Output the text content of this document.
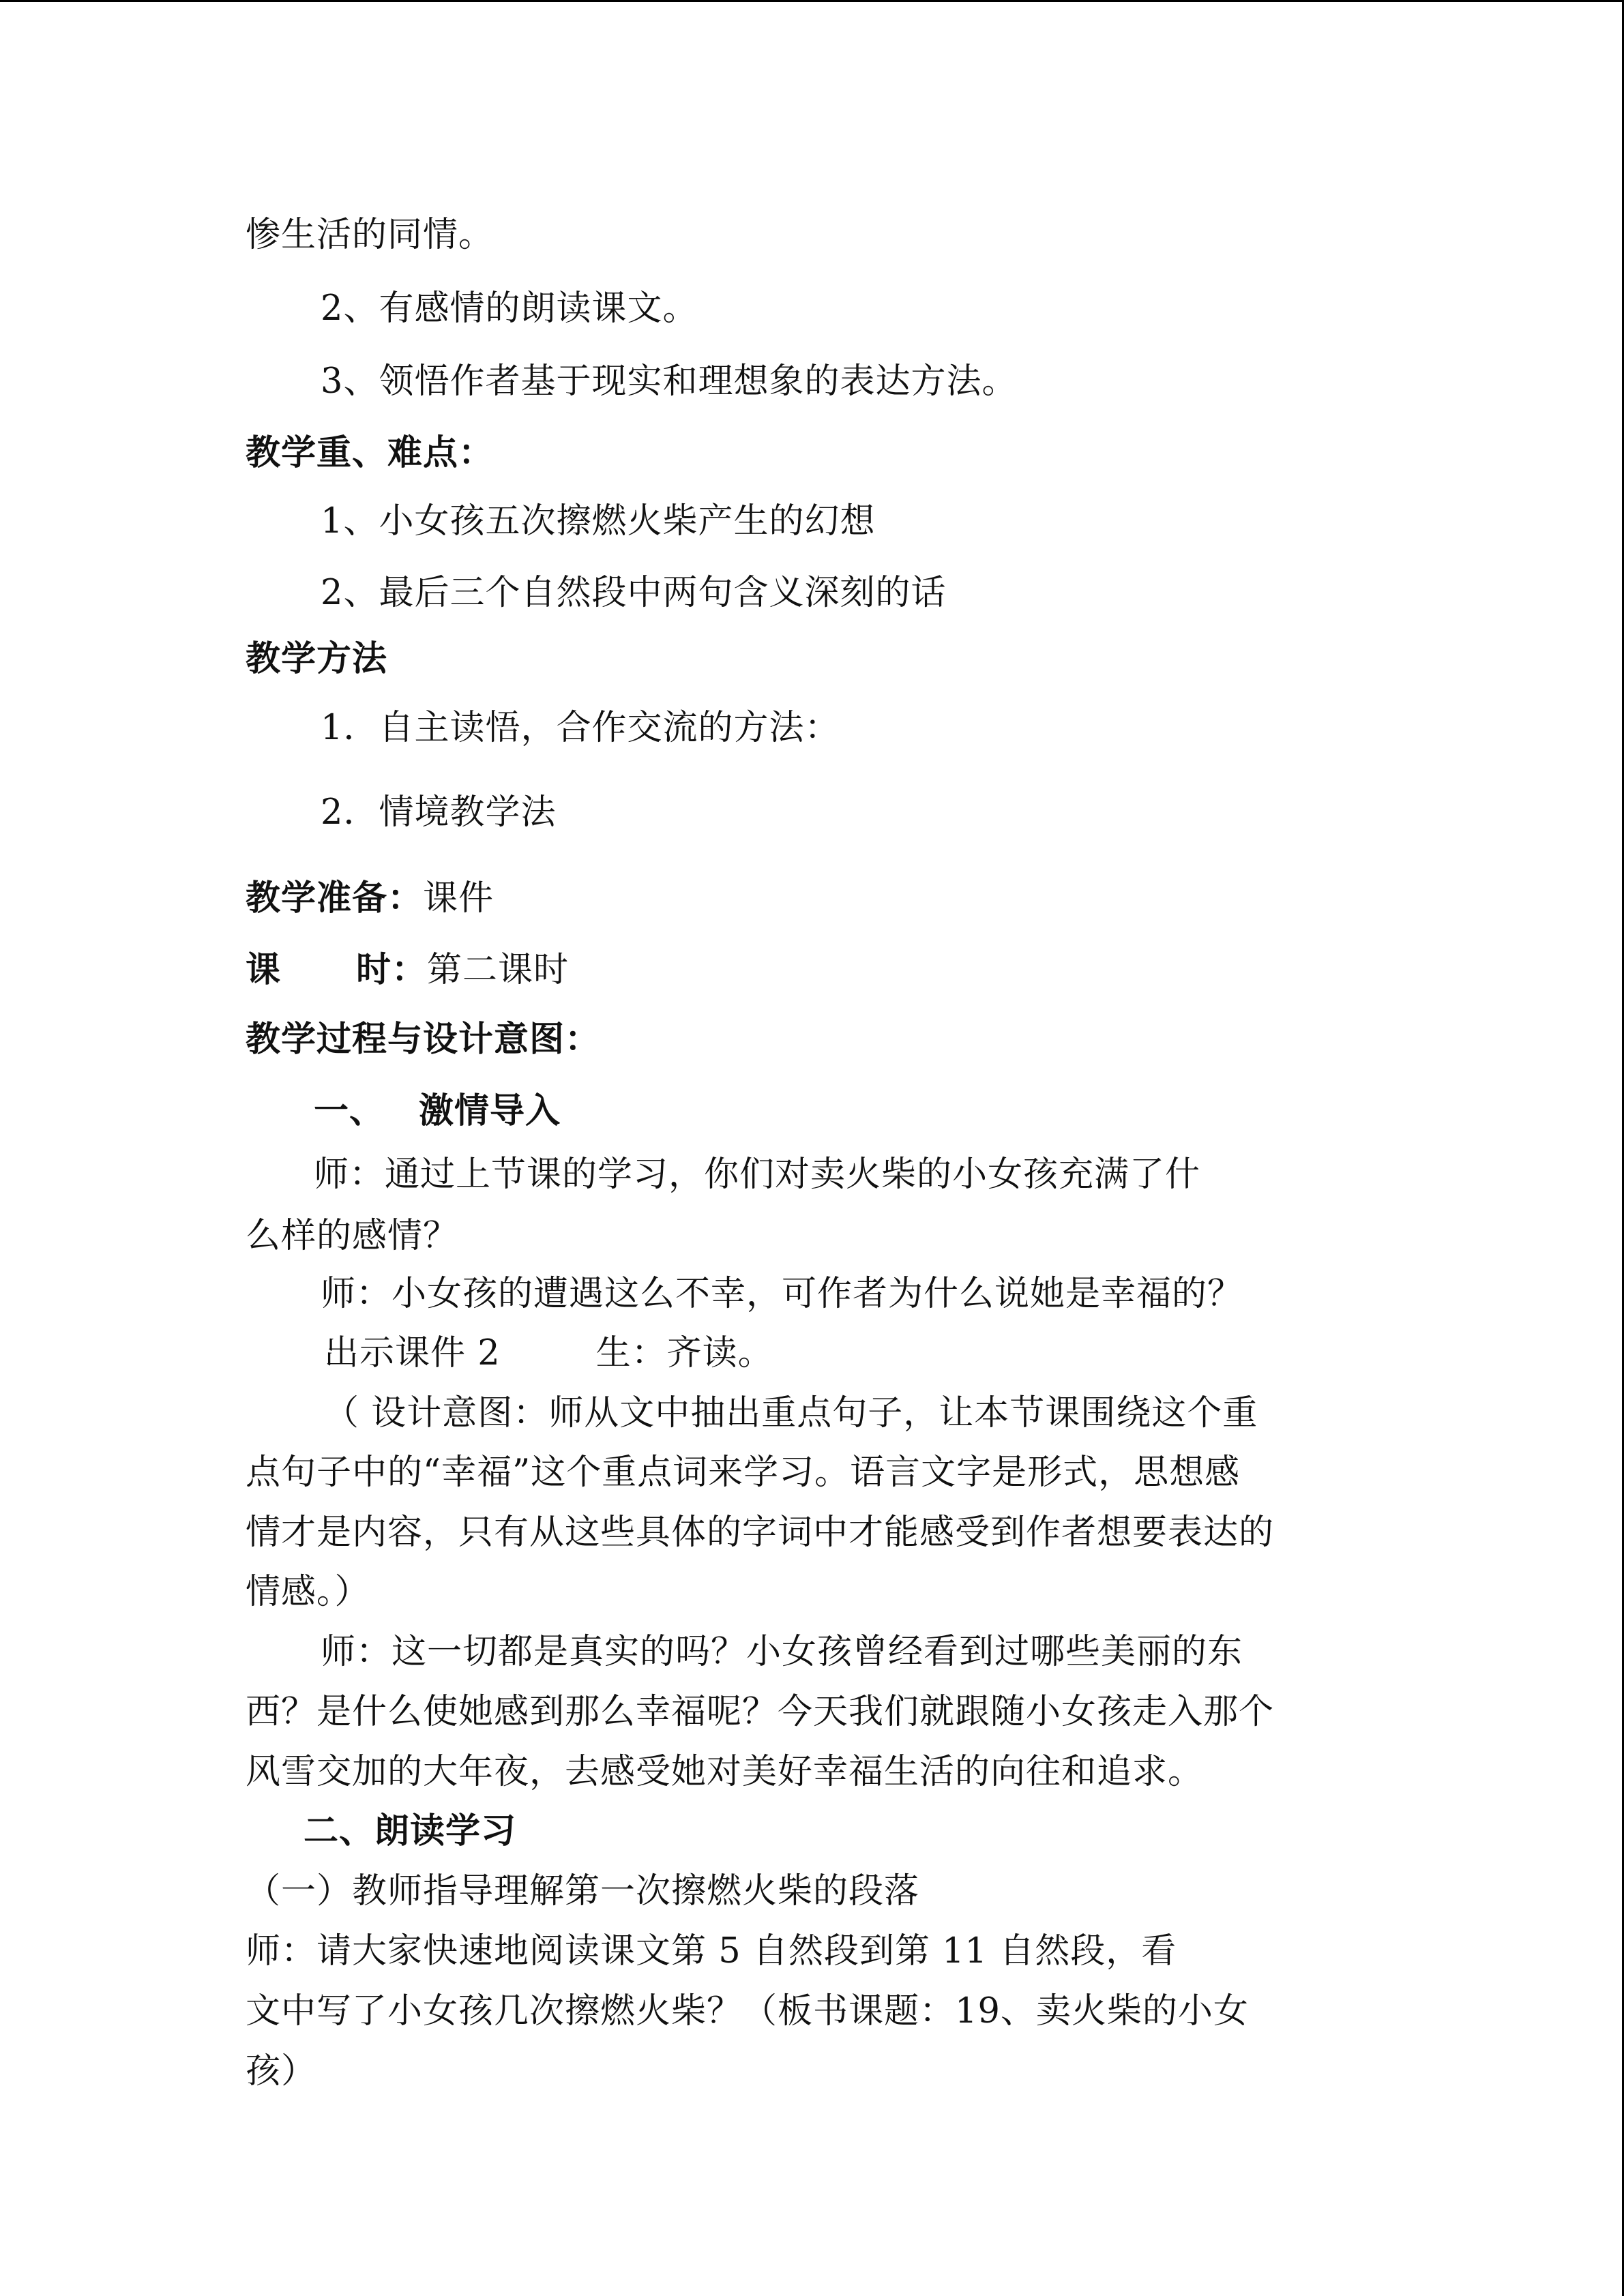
惨生活的同情。
2、有感情的朗读课文。
3、领悟作者基于现实和理想象的表达方法。
教学重、难点：
1、小女孩五次擦燃火柴产生的幻想
2、最后三个自然段中两句含义深刻的话
教学方法
1．自主读悟，合作交流的方法：
2．情境教学法
教学准备：课件
课 时：第二课时
教学过程与设计意图：
一、 激情导入
师：通过上节课的学习，你们对卖火柴的小女孩充满了什
么样的感情？
师：小女孩的遭遇这么不幸，可作者为什么说她是幸福的？
出示课件 2	生：齐读。
（ 设计意图：师从文中抽出重点句子，让本节课围绕这个重
点句子中的“幸福”这个重点词来学习。语言文字是形式，思想感
情才是内容，只有从这些具体的字词中才能感受到作者想要表达的
情感。）
师：这一切都是真实的吗？小女孩曾经看到过哪些美丽的东
西？是什么使她感到那么幸福呢？今天我们就跟随小女孩走入那个
风雪交加的大年夜，去感受她对美好幸福生活的向往和追求。
二、朗读学习
（一）教师指导理解第一次擦燃火柴的段落
师：请大家快速地阅读课文第 5 自然段到第 11 自然段，看
文中写了小女孩几次擦燃火柴？（板书课题：19、卖火柴的小女
孩）
